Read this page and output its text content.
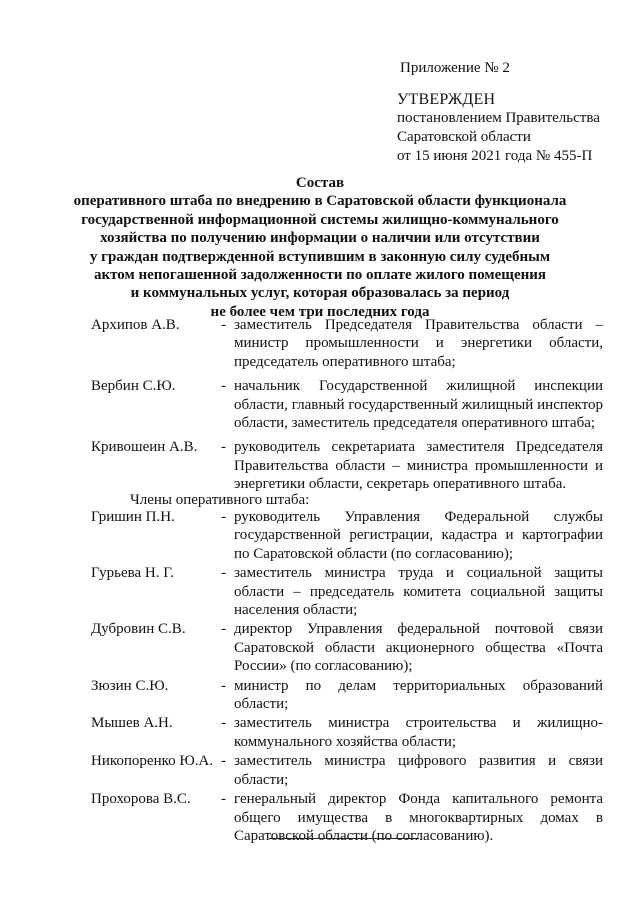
Приложение № 2
УТВЕРЖДЕН
постановлением Правительства
Саратовской области
от 15 июня 2021 года № 455-П
Состав
оперативного штаба по внедрению в Саратовской области функционала
государственной информационной системы жилищно-коммунального
хозяйства по получению информации о наличии или отсутствии
у граждан подтвержденной вступившим в законную силу судебным
актом непогашенной задолженности по оплате жилого помещения
и коммунальных услуг, которая образовалась за период
не более чем три последних года
Архипов А.В.	- заместитель Председателя Правительства области – министр промышленности и энергетики области, председатель оперативного штаба;
Вербин С.Ю.	- начальник Государственной жилищной инспекции области, главный государственный жилищный инспектор области, заместитель председателя оперативного штаба;
Кривошеин А.В. - руководитель секретариата заместителя Председателя Правительства области – министра промышленности и энергетики области, секретарь оперативного штаба.
Члены оперативного штаба:
Гришин П.Н.	- руководитель Управления Федеральной службы государственной регистрации, кадастра и картографии по Саратовской области (по согласованию);
Гурьева Н. Г.	- заместитель министра труда и социальной защиты области – председатель комитета социальной защиты населения области;
Дубровин С.В. - директор Управления федеральной почтовой связи Саратовской области акционерного общества «Почта России» (по согласованию);
Зюзин С.Ю.	- министр по делам территориальных образований области;
Мышев А.Н.	- заместитель министра строительства и жилищно-коммунального хозяйства области;
Никопоренко Ю.А. - заместитель министра цифрового развития и связи области;
Прохорова В.С. - генеральный директор Фонда капитального ремонта общего имущества в многоквартирных домах в Саратовской области (по согласованию).
